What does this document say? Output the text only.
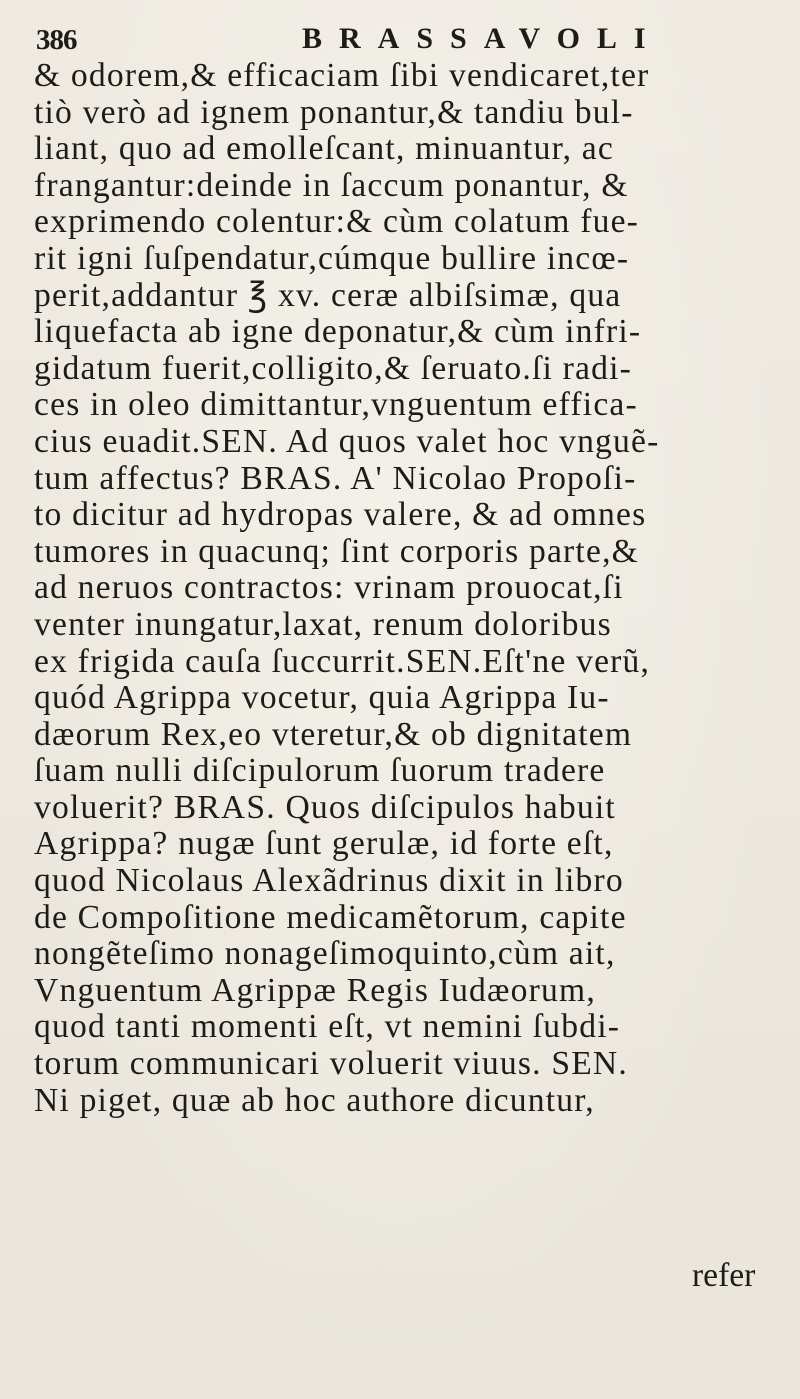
386	BRASSAVOLI
& odorem,& efficaciam ſibi vendicaret,ter
tiò verò ad ignem ponantur,& tandiu bul-
liant, quo ad emolleſcant, minuantur, ac
frangantur:deinde in ſaccum ponantur, &
exprimendo colentur:& cùm colatum fue-
rit igni ſuſpendatur,cúmque bullire incœ-
perit,addantur ℥ xv. ceræ albiſsimæ, qua
liquefacta ab igne deponatur,& cùm infri-
gidatum fuerit,colligito,& ſeruato.ſi radi-
ces in oleo dimittantur,vnguentum effica-
cius euadit.SEN. Ad quos valet hoc vnguẽ-
tum affectus? BRAS. A' Nicolao Propoſi-
to dicitur ad hydropas valere, & ad omnes
tumores in quacunq; ſint corporis parte,&
ad neruos contractos: vrinam prouocat,ſi
venter inungatur,laxat, renum doloribus
ex frigida cauſa ſuccurrit.SEN.Eſt'ne verũ,
quód Agrippa vocetur, quia Agrippa Iu-
dæorum Rex,eo vteretur,& ob dignitatem
ſuam nulli diſcipulorum ſuorum tradere
voluerit? BRAS. Quos diſcipulos habuit
Agrippa? nugæ ſunt gerulæ, id forte eſt,
quod Nicolaus Alexãdrinus dixit in libro
de Compoſitione medicamẽtorum, capite
nongẽteſimo nonageſimoquinto,cùm ait,
Vnguentum Agrippæ Regis Iudæorum,
quod tanti momenti eſt, vt nemini ſubdi-
torum communicari voluerit viuus. SEN.
Ni piget, quæ ab hoc authore dicuntur,
refer
